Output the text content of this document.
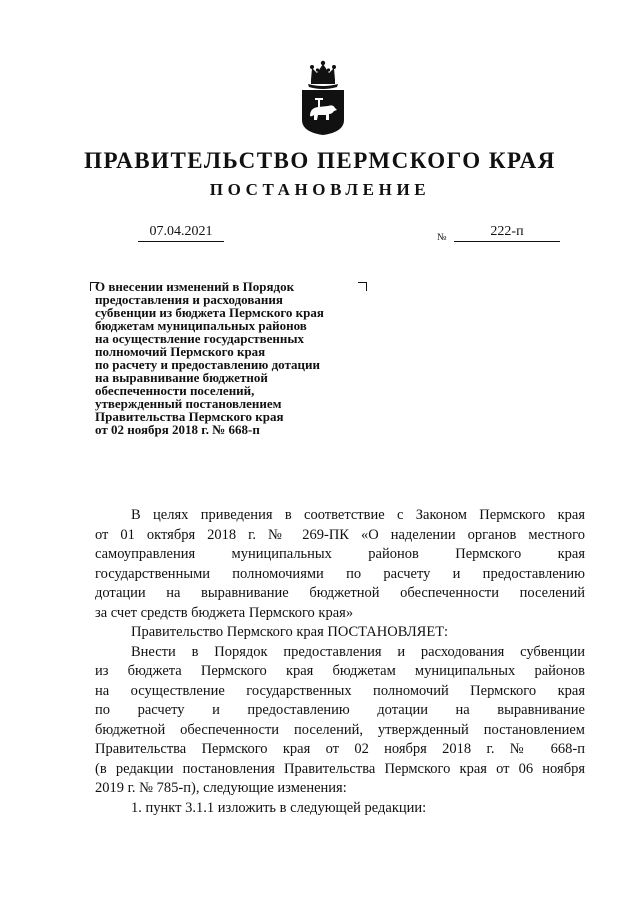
ПРАВИТЕЛЬСТВО ПЕРМСКОГО КРАЯ
ПОСТАНОВЛЕНИЕ
07.04.2021	№	222-п
О внесении изменений в Порядок
предоставления и расходования
субвенции из бюджета Пермского края
бюджетам муниципальных районов
на осуществление государственных
полномочий Пермского края
по расчету и предоставлению дотации
на выравнивание бюджетной
обеспеченности поселений,
утвержденный постановлением
Правительства Пермского края
от 02 ноября 2018 г. № 668-п
В целях приведения в соответствие с Законом Пермского края
от 01 октября 2018 г. № 269-ПК «О наделении органов местного
самоуправления муниципальных районов Пермского края
государственными полномочиями по расчету и предоставлению
дотации на выравнивание бюджетной обеспеченности поселений
за счет средств бюджета Пермского края»
Правительство Пермского края ПОСТАНОВЛЯЕТ:
Внести в Порядок предоставления и расходования субвенции
из бюджета Пермского края бюджетам муниципальных районов
на осуществление государственных полномочий Пермского края
по расчету и предоставлению дотации на выравнивание
бюджетной обеспеченности поселений, утвержденный постановлением
Правительства Пермского края от 02 ноября 2018 г. № 668-п
(в редакции постановления Правительства Пермского края от 06 ноября
2019 г. № 785-п), следующие изменения:
1. пункт 3.1.1 изложить в следующей редакции:
